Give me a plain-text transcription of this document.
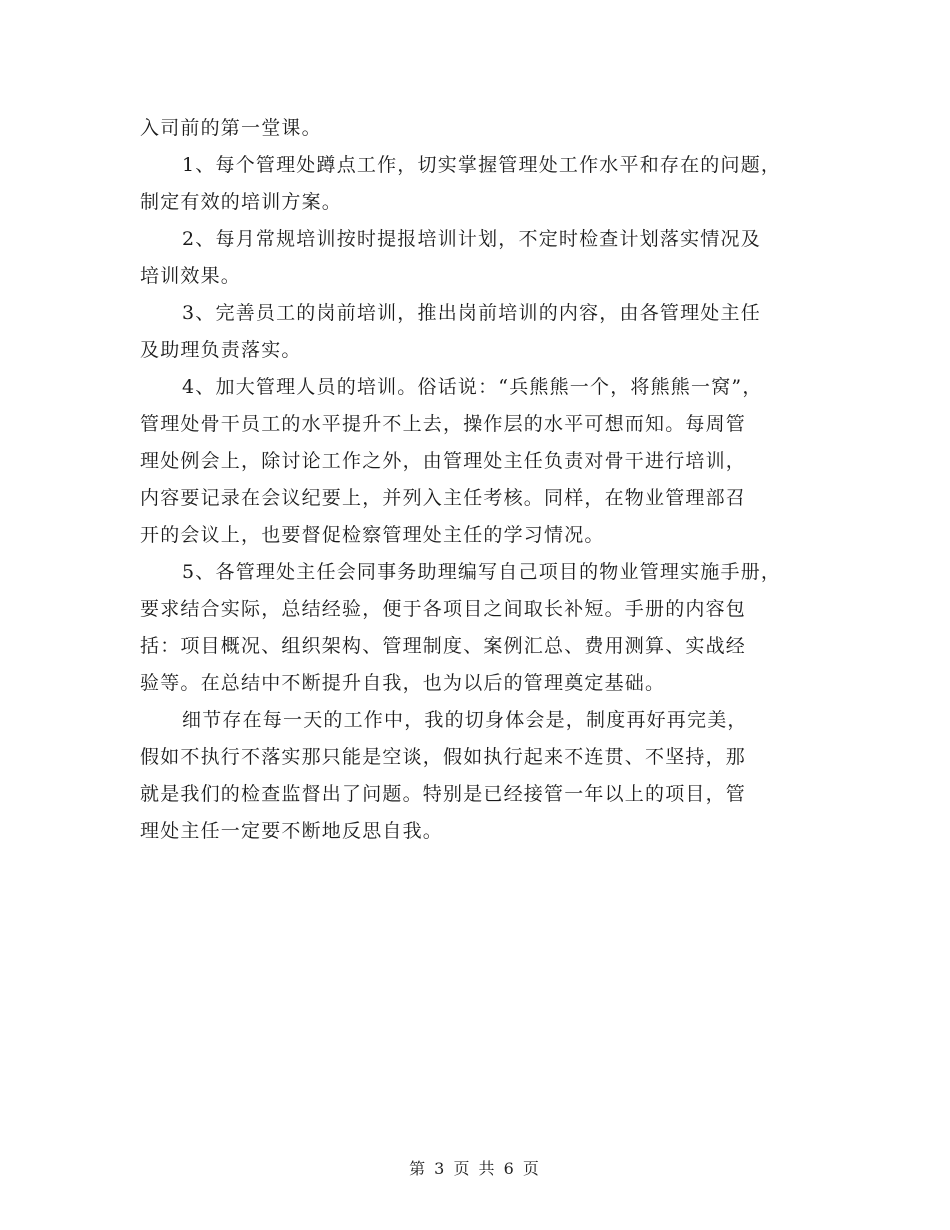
入司前的第一堂课。
1、每个管理处蹲点工作，切实掌握管理处工作水平和存在的问题，
制定有效的培训方案。
2、每月常规培训按时提报培训计划，不定时检查计划落实情况及
培训效果。
3、完善员工的岗前培训，推出岗前培训的内容，由各管理处主任
及助理负责落实。
4、加大管理人员的培训。俗话说：“兵熊熊一个，将熊熊一窝”，
管理处骨干员工的水平提升不上去，操作层的水平可想而知。每周管
理处例会上，除讨论工作之外，由管理处主任负责对骨干进行培训，
内容要记录在会议纪要上，并列入主任考核。同样，在物业管理部召
开的会议上，也要督促检察管理处主任的学习情况。
5、各管理处主任会同事务助理编写自己项目的物业管理实施手册，
要求结合实际，总结经验，便于各项目之间取长补短。手册的内容包
括：项目概况、组织架构、管理制度、案例汇总、费用测算、实战经
验等。在总结中不断提升自我，也为以后的管理奠定基础。
细节存在每一天的工作中，我的切身体会是，制度再好再完美，
假如不执行不落实那只能是空谈，假如执行起来不连贯、不坚持，那
就是我们的检查监督出了问题。特别是已经接管一年以上的项目，管
理处主任一定要不断地反思自我。
第 3 页 共 6 页
